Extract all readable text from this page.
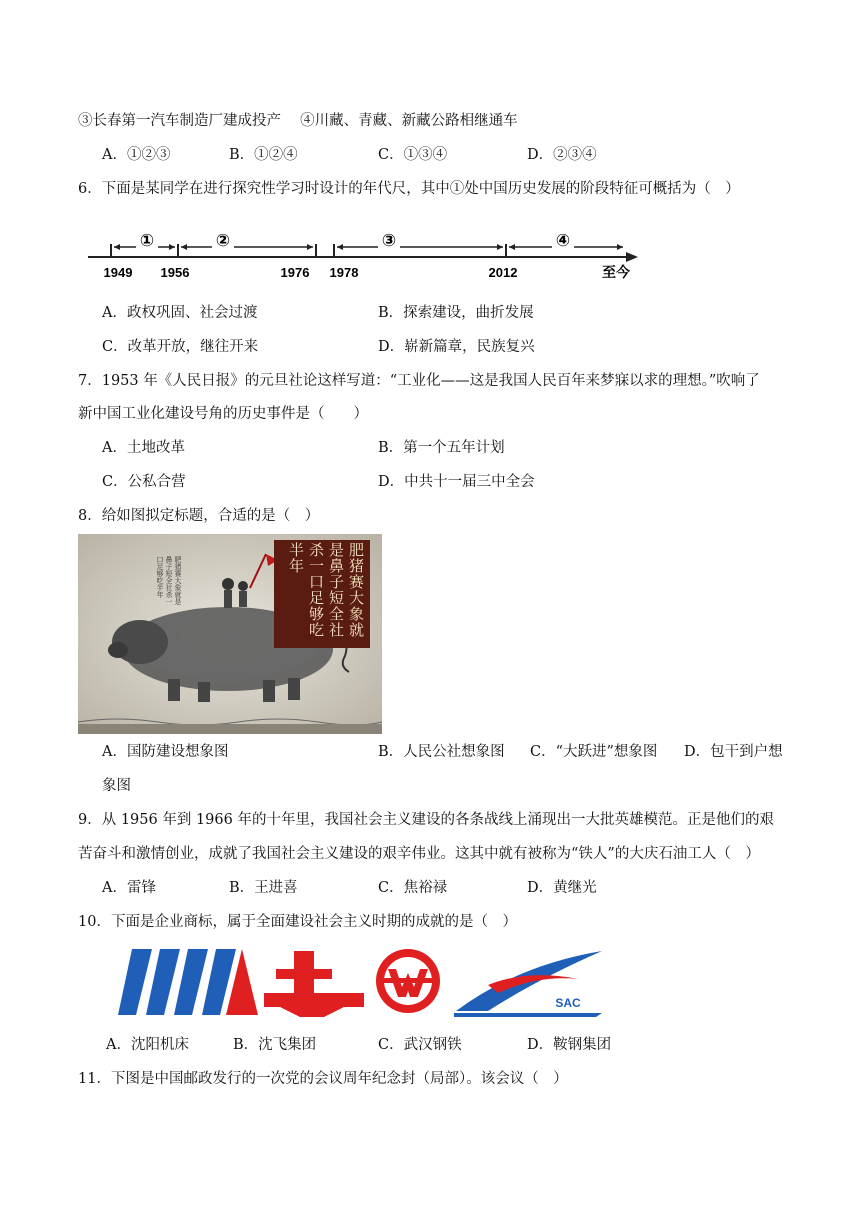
③长春第一汽车制造厂建成投产　 ④川藏、青藏、新藏公路相继通车
A．①②③	B．①②④	C．①③④	D．②③④
6．下面是某同学在进行探究性学习时设计的年代尺，其中①处中国历史发展的阶段特征可概括为（　）
①	②	③	④
1949 1956	1976 1978	2012	至今
A．政权巩固、社会过渡	B．探索建设，曲折发展
C．改革开放，继往开来	D．崭新篇章，民族复兴
7．1953 年《人民日报》的元旦社论这样写道：“工业化——这是我国人民百年来梦寐以求的理想。”吹响了
新中国工业化建设号角的历史事件是（　　）
A．土地改革	B．第一个五年计划
C．公私合营	D．中共十一届三中全会
8．给如图拟定标题，合适的是（　）
肥猪赛大象就是鼻子短全社杀一口足够吃半年	肥猪赛大象就是鼻子短全社杀一口足够吃半年
A．国防建设想象图	B．人民公社想象图 C．“大跃进”想象图 D．包干到户想
象图
9．从 1956 年到 1966 年的十年里，我国社会主义建设的各条战线上涌现出一大批英雄模范。正是他们的艰
苦奋斗和激情创业，成就了我国社会主义建设的艰辛伟业。这其中就有被称为“铁人”的大庆石油工人（　）
A．雷锋	B．王进喜	C．焦裕禄	D．黄继光
10．下面是企业商标，属于全面建设社会主义时期的成就的是（　）
SAC
A．沈阳机床	B．沈飞集团	C．武汉钢铁	D．鞍钢集团
11．下图是中国邮政发行的一次党的会议周年纪念封（局部）。该会议（　）
